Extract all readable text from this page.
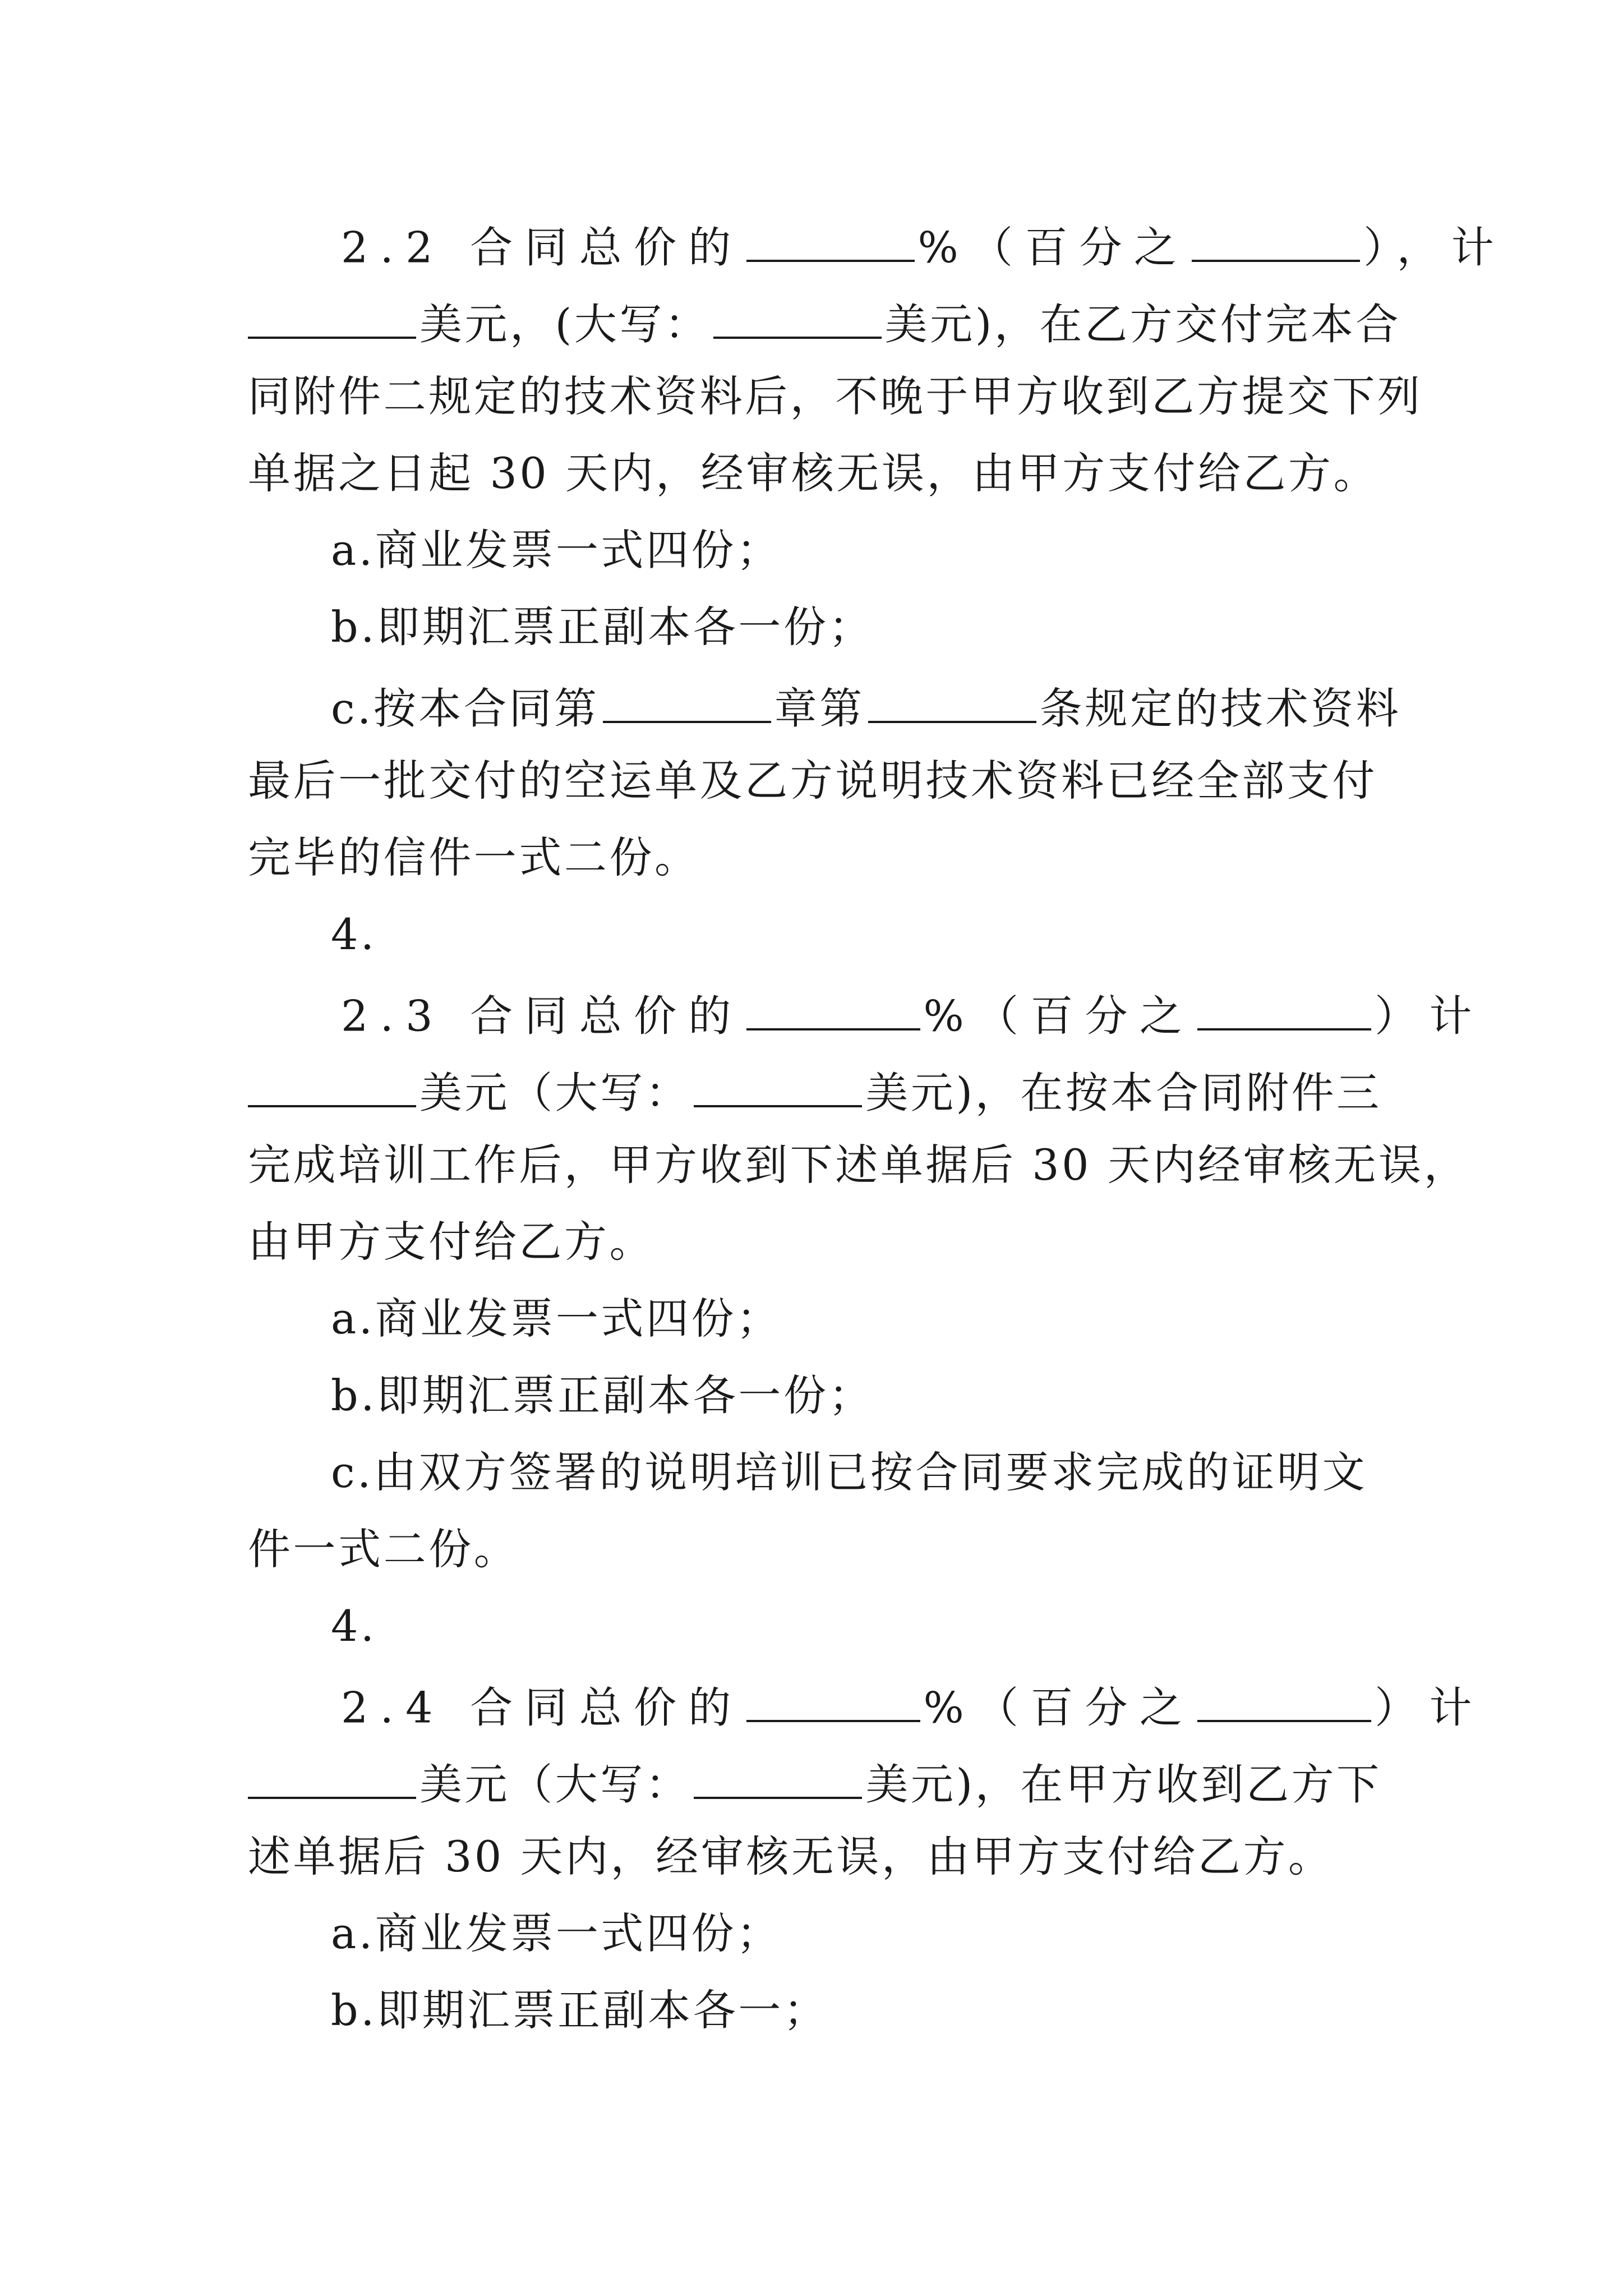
2.2 合同总价的	%（百分之	），计
美元，(大写：	美元)，在乙方交付完本合
同附件二规定的技术资料后，不晚于甲方收到乙方提交下列
单据之日起 30 天内，经审核无误，由甲方支付给乙方。
a.商业发票一式四份；
b.即期汇票正副本各一份；
c.按本合同第	章第	条规定的技术资料
最后一批交付的空运单及乙方说明技术资料已经全部支付
完毕的信件一式二份。
4.
2.3 合同总价的	%（百分之	）计
美元（大写：	美元)，在按本合同附件三
完成培训工作后，甲方收到下述单据后 30 天内经审核无误，
由甲方支付给乙方。
a.商业发票一式四份；
b.即期汇票正副本各一份；
c.由双方签署的说明培训已按合同要求完成的证明文
件一式二份。
4.
2.4 合同总价的	%（百分之	）计
美元（大写：	美元)，在甲方收到乙方下
述单据后 30 天内，经审核无误，由甲方支付给乙方。
a.商业发票一式四份；
b.即期汇票正副本各一；
